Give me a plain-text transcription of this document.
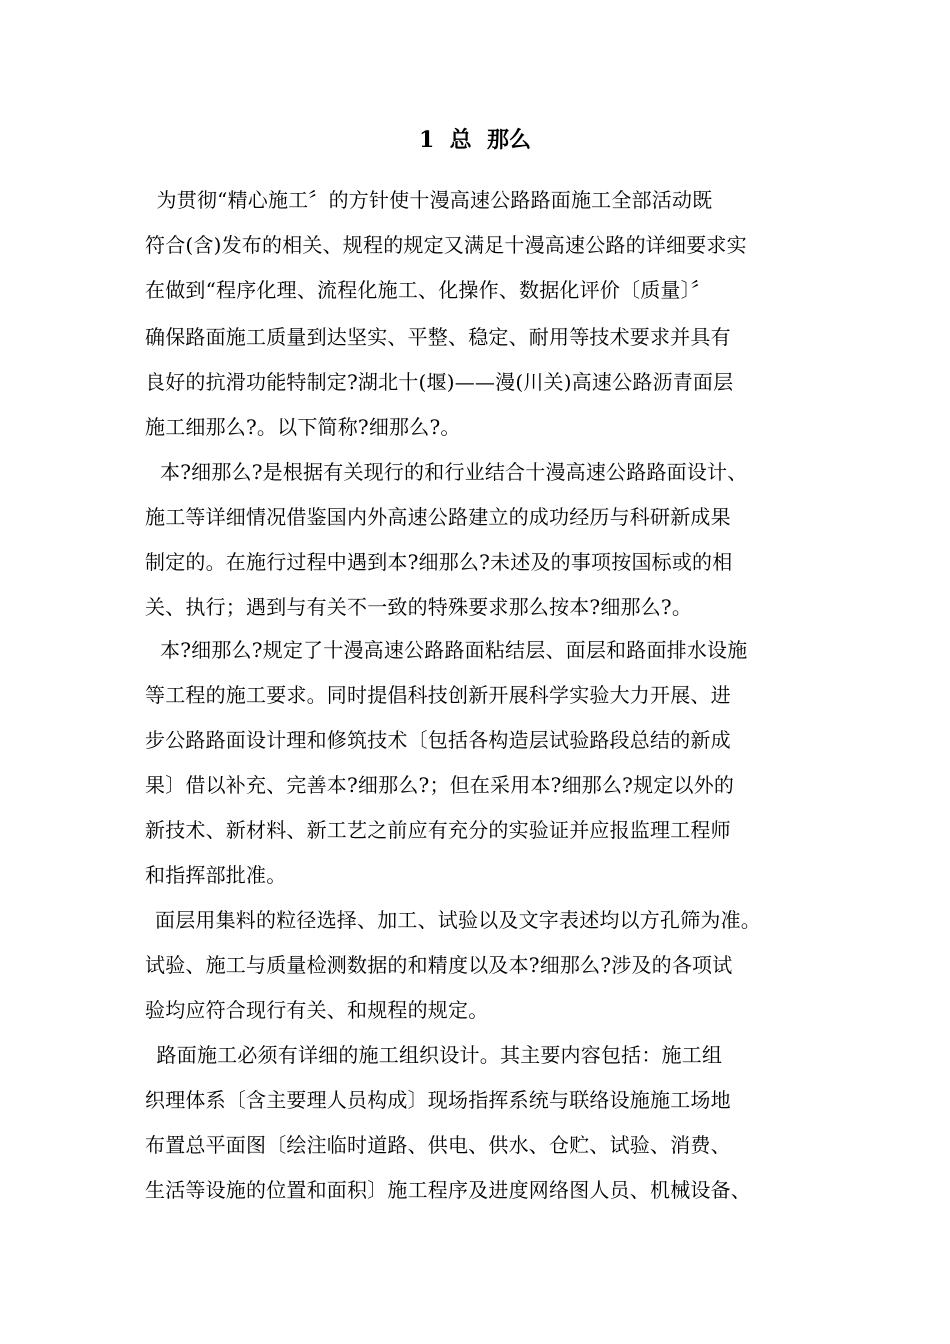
1  总  那么
为贯彻“精心施工〞的方针使十漫高速公路路面施工全部活动既
符合(含)发布的相关、规程的规定又满足十漫高速公路的详细要求实
在做到“程序化理、流程化施工、化操作、数据化评价〔质量〕〞
确保路面施工质量到达坚实、平整、稳定、耐用等技术要求并具有
良好的抗滑功能特制定?湖北十(堰)——漫(川关)高速公路沥青面层
施工细那么?。以下简称?细那么?。
本?细那么?是根据有关现行的和行业结合十漫高速公路路面设计、
施工等详细情况借鉴国内外高速公路建立的成功经历与科研新成果
制定的。在施行过程中遇到本?细那么?未述及的事项按国标或的相
关、执行；遇到与有关不一致的特殊要求那么按本?细那么?。
本?细那么?规定了十漫高速公路路面粘结层、面层和路面排水设施
等工程的施工要求。同时提倡科技创新开展科学实验大力开展、进
步公路路面设计理和修筑技术〔包括各构造层试验路段总结的新成
果〕借以补充、完善本?细那么?；但在采用本?细那么?规定以外的
新技术、新材料、新工艺之前应有充分的实验证并应报监理工程师
和指挥部批准。
面层用集料的粒径选择、加工、试验以及文字表述均以方孔筛为准。
试验、施工与质量检测数据的和精度以及本?细那么?涉及的各项试
验均应符合现行有关、和规程的规定。
路面施工必须有详细的施工组织设计。其主要内容包括：施工组
织理体系〔含主要理人员构成〕现场指挥系统与联络设施施工场地
布置总平面图〔绘注临时道路、供电、供水、仓贮、试验、消费、
生活等设施的位置和面积〕施工程序及进度网络图人员、机械设备、
